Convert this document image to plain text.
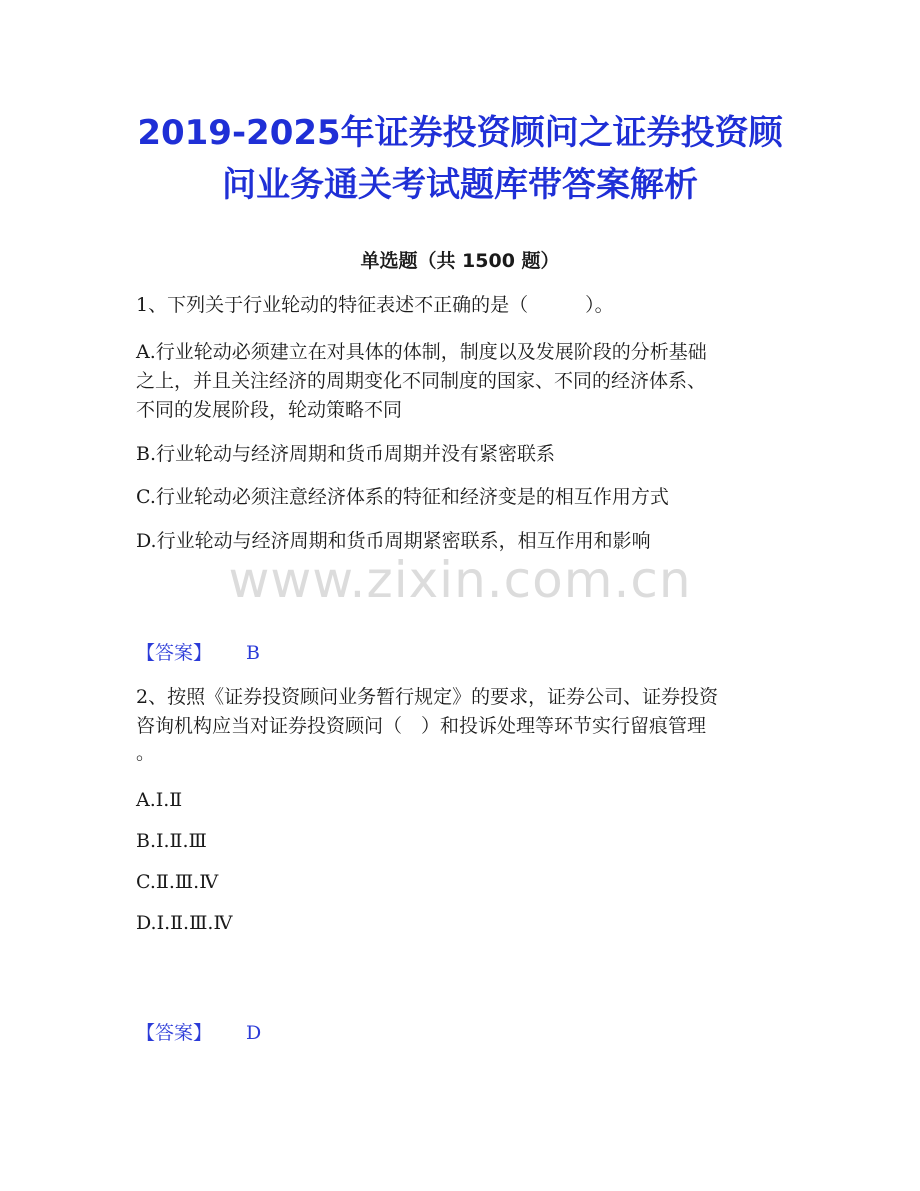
2019-2025年证券投资顾问之证券投资顾
问业务通关考试题库带答案解析
单选题（共 1500 题）
1、下列关于行业轮动的特征表述不正确的是（　　　）。
A.行业轮动必须建立在对具体的体制，制度以及发展阶段的分析基础
之上，并且关注经济的周期变化不同制度的国家、不同的经济体系、
不同的发展阶段，轮动策略不同
B.行业轮动与经济周期和货币周期并没有紧密联系
C.行业轮动必须注意经济体系的特征和经济变是的相互作用方式
D.行业轮动与经济周期和货币周期紧密联系，相互作用和影响
www.zixin.com.cn
【答案】 B
2、按照《证券投资顾问业务暂行规定》的要求，证券公司、证券投资
咨询机构应当对证券投资顾问（　）和投诉处理等环节实行留痕管理
。
A.Ⅰ.Ⅱ
B.Ⅰ.Ⅱ.Ⅲ
C.Ⅱ.Ⅲ.Ⅳ
D.Ⅰ.Ⅱ.Ⅲ.Ⅳ
【答案】 D
